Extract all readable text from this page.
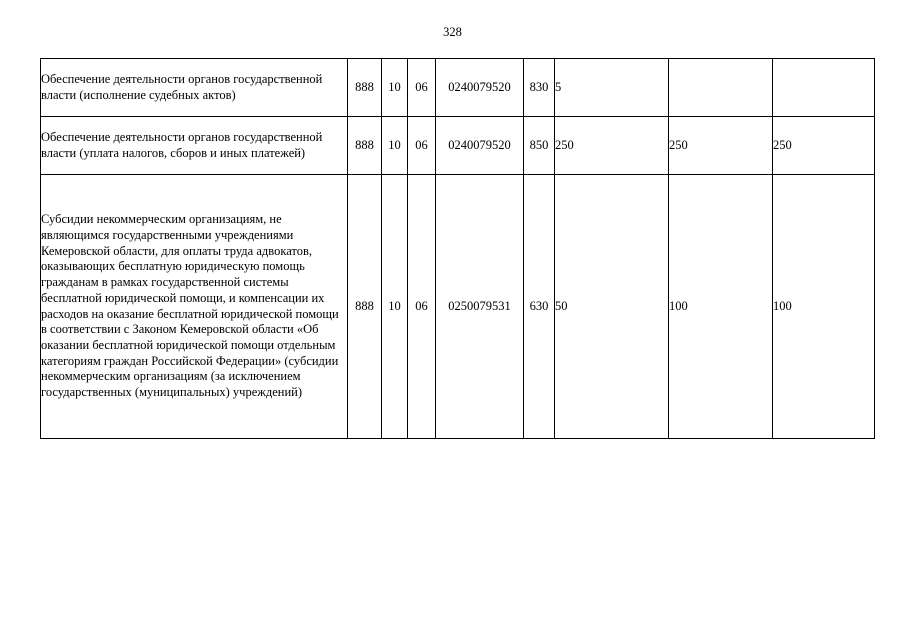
328
Обеспечение деятельности органов государственной власти (исполнение судебных актов)	888	10	06	0240079520	830	5		
Обеспечение деятельности органов государственной власти (уплата налогов, сборов и иных платежей)	888	10	06	0240079520	850	250	250	250
Субсидии некоммерческим организациям, не являющимся государственными учреждениями Кемеровской области, для оплаты труда адвокатов, оказывающих бесплатную юридическую помощь гражданам в рамках государственной системы бесплатной юридической помощи, и компенсации их расходов на оказание бесплатной юридической помощи в соответствии с Законом Кемеровской области «Об оказании бесплатной юридической помощи отдельным категориям граждан Российской Федерации» (субсидии некоммерческим организациям (за исключением государственных (муниципальных) учреждений)	888	10	06	0250079531	630	50	100	100
